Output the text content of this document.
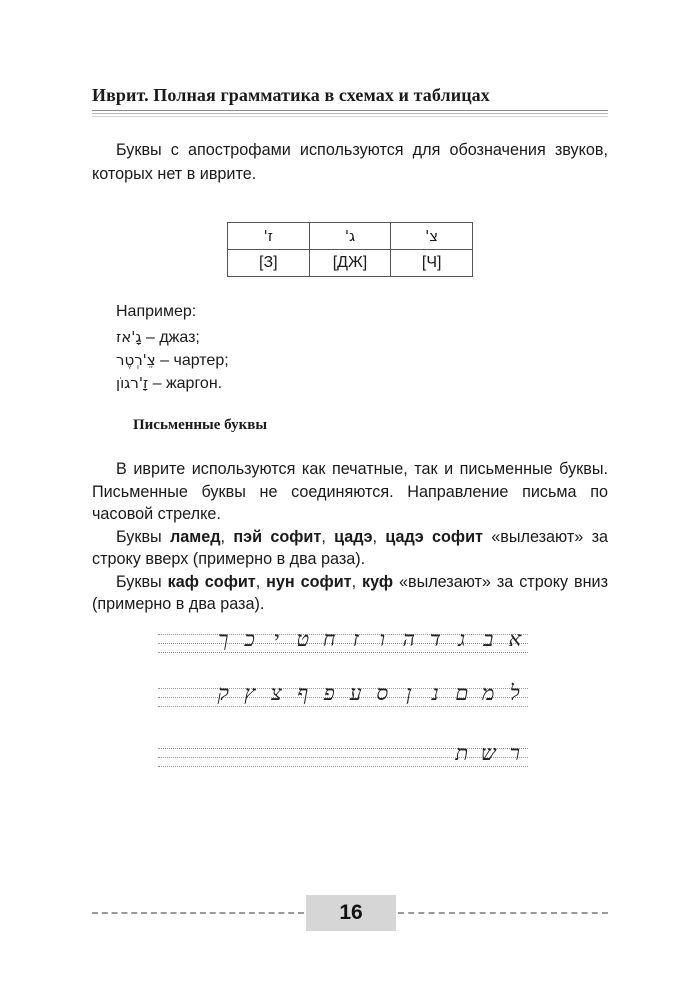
Иврит. Полная грамматика в схемах и таблицах

Буквы с апострофами используются для обозначения звуков, которых нет в иврите.

ז'	ג'	צ'
[З]	[ДЖ]	[Ч]
Например:
גָ'אז – джаз;
צֵ'רְטֶר – чартер;
זָ'רגוֹן – жаргон.
Письменные буквы

В иврите используются как печатные, так и письменные буквы. Письменные буквы не соединяются. Направление письма по часовой стрелке.

Буквы ламед, пэй софит, цадэ, цадэ софит «вылезают» за строку вверх (примерно в два раза).

Буквы каф софит, нун софит, куф «вылезают» за строку вниз (примерно в два раза).

א
ב
ג
ד
ה
ו
ז
ח
ט
י
כ
ך
ל
מ
ם
נ
ן
ס
ע
פ
ף
צ
ץ
ק
ר
ש
ת
16
